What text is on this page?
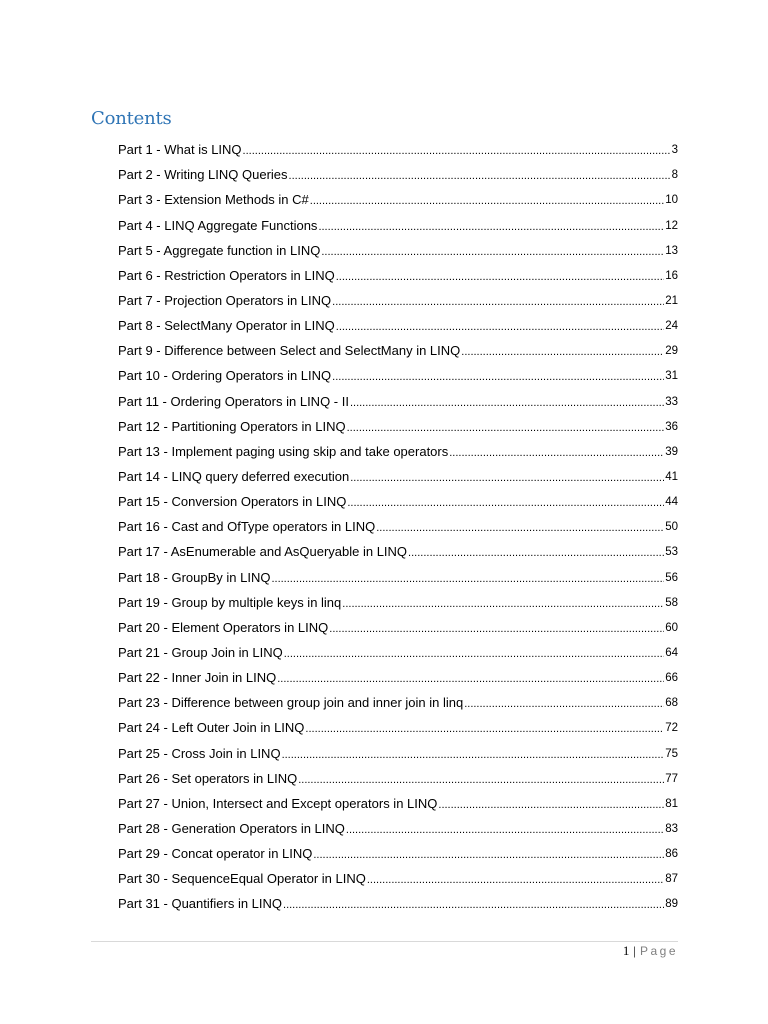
Contents
Part 1 - What is LINQ .....	3
Part 2 - Writing LINQ Queries .....	8
Part 3 - Extension Methods in C# .....	10
Part 4 - LINQ Aggregate Functions .....	12
Part 5 - Aggregate function in LINQ .....	13
Part 6 - Restriction Operators in LINQ .....	16
Part 7 - Projection Operators in LINQ .....	21
Part 8 - SelectMany Operator in LINQ .....	24
Part 9 - Difference between Select and SelectMany in LINQ .....	29
Part 10 - Ordering Operators in LINQ .....	31
Part 11 - Ordering Operators in LINQ - II .....	33
Part 12 - Partitioning Operators in LINQ .....	36
Part 13 - Implement paging using skip and take operators .....	39
Part 14 - LINQ query deferred execution .....	41
Part 15 - Conversion Operators in LINQ .....	44
Part 16 - Cast and OfType operators in LINQ .....	50
Part 17 - AsEnumerable and AsQueryable in LINQ .....	53
Part 18 - GroupBy in LINQ .....	56
Part 19 - Group by multiple keys in linq .....	58
Part 20 - Element Operators in LINQ .....	60
Part 21 - Group Join in LINQ .....	64
Part 22 - Inner Join in LINQ .....	66
Part 23 - Difference between group join and inner join in linq .....	68
Part 24 - Left Outer Join in LINQ .....	72
Part 25 - Cross Join in LINQ .....	75
Part 26 - Set operators in LINQ .....	77
Part 27 - Union, Intersect and Except operators in LINQ .....	81
Part 28 - Generation Operators in LINQ .....	83
Part 29 - Concat operator in LINQ .....	86
Part 30 - SequenceEqual Operator in LINQ .....	87
Part 31 - Quantifiers in LINQ .....	89
1 | Page
